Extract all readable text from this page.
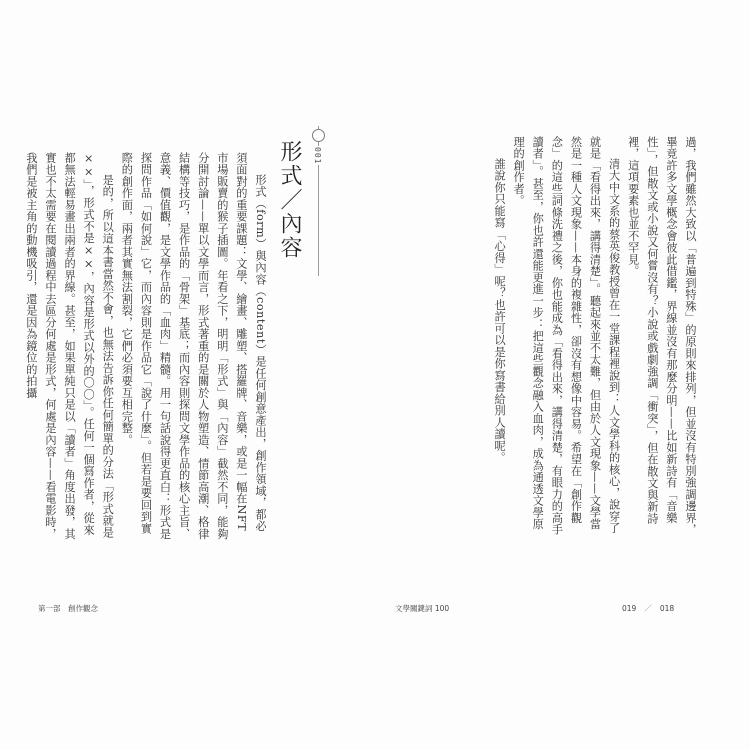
過，我們雖然大致以「普遍到特殊」的原則來排列，但並沒有特別強調邊界，畢竟許多文學概念會彼此借鑑，界線並沒有那麼分明——比如新詩有「音樂性」，但散文或小說又何嘗沒有？小說或戲劇強調「衝突」，但在散文與新詩裡，這項要素也並不罕見。

清大中文系的蔡英俊教授曾在一堂課程裡說到：人文學科的核心，說穿了就是「看得出來，講得清楚」。聽起來並不太難，但由於人文現象——文學當然是一種人文現象——本身的複雜性，卻沒有想像中容易。希望在「創作觀念」的這些詞條洗禮之後，你也能成為「看得出來，講得清楚，有眼力的高手讀者」。甚至，你也許還能更進一步：把這些觀念融入血肉，成為通透文學原理的創作者。

誰說你只能寫「心得」呢？也許可以是你寫書給別人讀呢。

001
形式／內容

形式（form）與內容（content）是任何創意產出，創作領域，都必須面對的重要課題：文學、繪畫、雕塑、搭羅牌、音樂，或是一幅在NFT市場販賣的猴子插圖。年看之下，明明「形式」與「內容」截然不同，能夠分開討論——單以文學而言，形式著重的是關於人物塑造、情節高潮、格律結構等技巧，是作品的「骨架」基底；而內容則探問文學作品的核心主旨、意義、價值觀，是文學作品的「血肉」精髓。用一句話說得更直白：形式是探問作品「如何說」它，而內容則是作品它「說了什麼」。但若是要回到實際的創作面，兩者其實無法割裂，它們必須要互相完整。

是的，所以這本書當然不會，也無法告訴你任何簡單的分法「形式就是××」，形式不是××，內容是形式以外的〇〇」。任何一個寫作者，從來都無法輕易畫出兩者的界線。甚至，如果單純只是以「讀者」角度出發，其實也不太需要在閱讀過程中去區分何處是形式，何處是內容——看電影時，我們是被主角的動機吸引，還是因為鏡位的拍攝

第一部　創作觀念	文學關鍵詞 100	019 ／ 018
